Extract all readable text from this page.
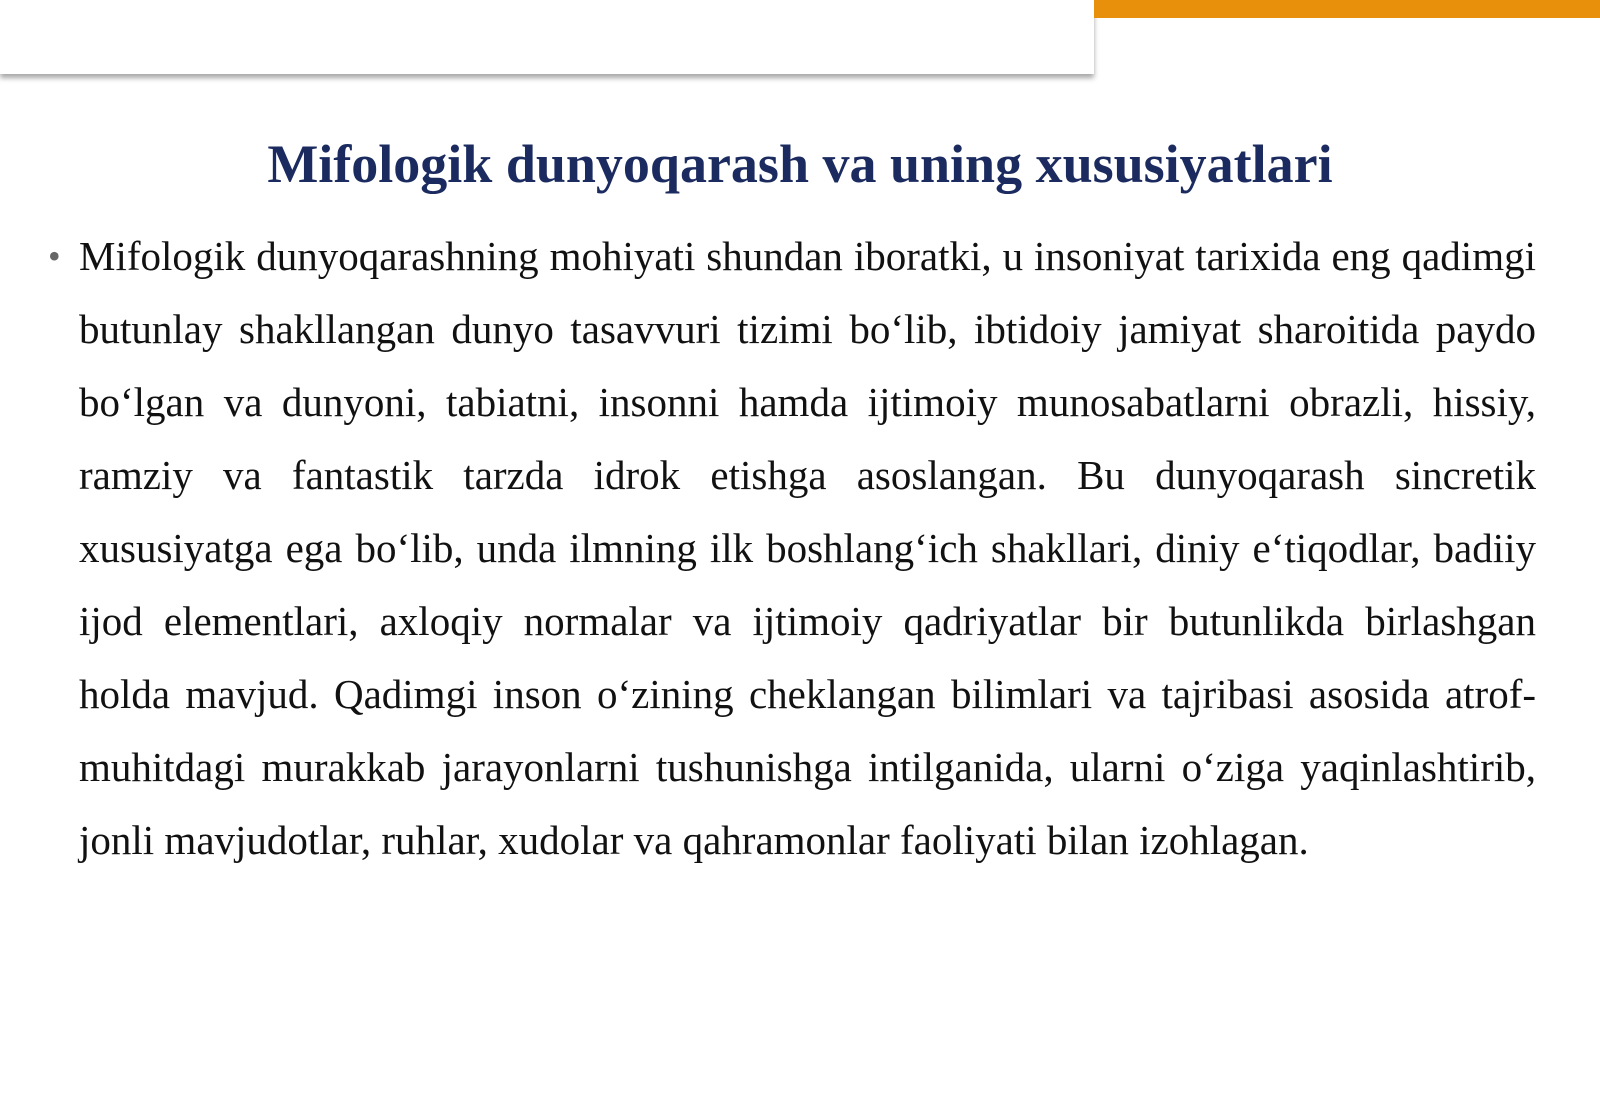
Mifologik dunyoqarash va uning xususiyatlari
• Mifologik dunyoqarashning mohiyati shundan iboratki, u insoniyat tarixida eng qadimgi butunlay shakllangan dunyo tasavvuri tizimi boʻlib, ibtidoiy jamiyat sharoitida paydo boʻlgan va dunyoni, tabiatni, insonni hamda ijtimoiy munosabatlarni obrazli, hissiy, ramziy va fantastik tarzda idrok etishga asoslangan. Bu dunyoqarash sincretik xususiyatga ega boʻlib, unda ilmning ilk boshlangʻich shakllari, diniy eʻtiqodlar, badiiy ijod elementlari, axloqiy normalar va ijtimoiy qadriyatlar bir butunlikda birlashgan holda mavjud. Qadimgi inson oʻzining cheklangan bilimlari va tajribasi asosida atrof-muhitdagi murakkab jarayonlarni tushunishga intilganida, ularni oʻziga yaqinlashtirib, jonli mavjudotlar, ruhlar, xudolar va qahramonlar faoliyati bilan izohlagan.
